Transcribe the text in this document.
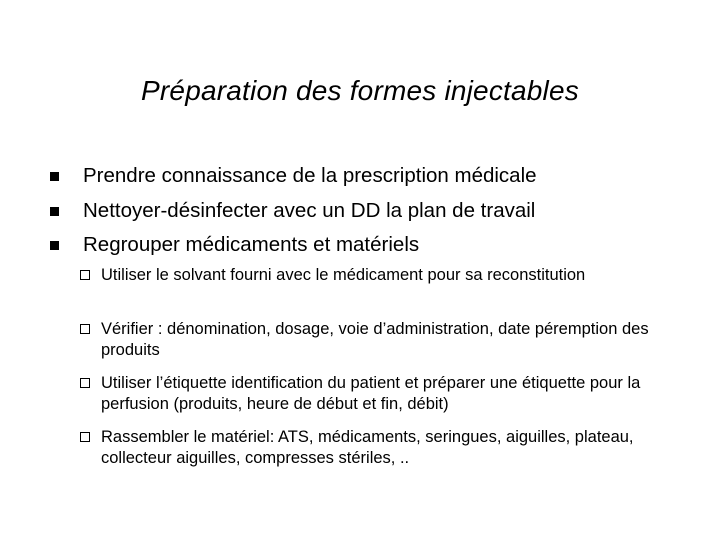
Préparation des formes injectables
Prendre connaissance de la prescription médicale
Nettoyer-désinfecter avec un DD la plan de travail
Regrouper médicaments et matériels
Utiliser le solvant fourni avec le médicament pour sa reconstitution
Vérifier : dénomination, dosage, voie d’administration, date péremption des produits
Utiliser l’étiquette identification du patient et préparer une étiquette pour la perfusion (produits, heure de début et fin, débit)
Rassembler le matériel: ATS, médicaments, seringues, aiguilles, plateau, collecteur aiguilles, compresses stériles, ..
